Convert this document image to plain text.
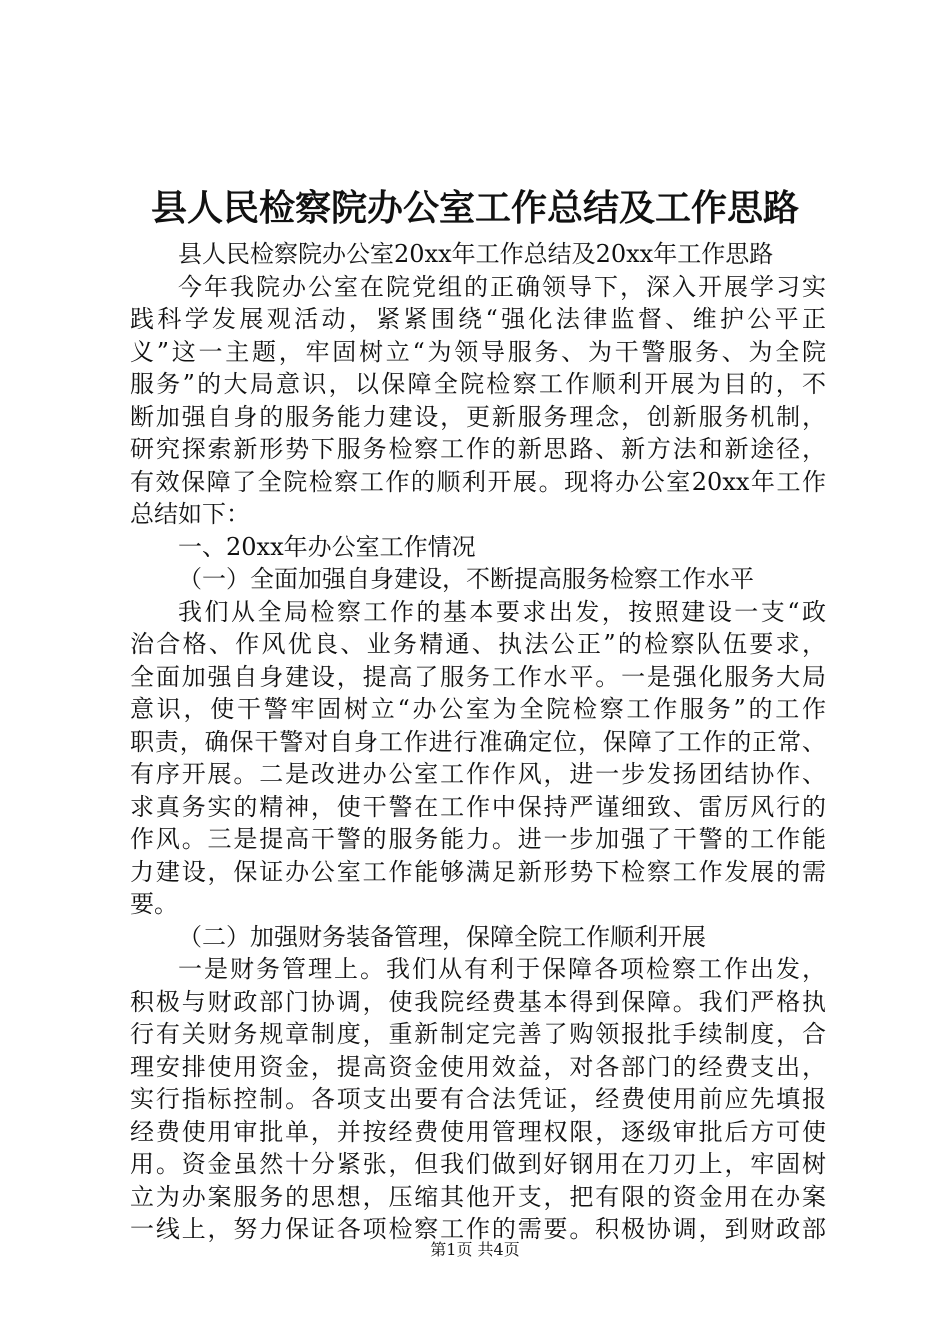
县人民检察院办公室工作总结及工作思路
县人民检察院办公室20xx年工作总结及20xx年工作思路
今年我院办公室在院党组的正确领导下，深入开展学习实
践科学发展观活动，紧紧围绕“强化法律监督、维护公平正
义”这一主题，牢固树立“为领导服务、为干警服务、为全院
服务”的大局意识，以保障全院检察工作顺利开展为目的，不
断加强自身的服务能力建设，更新服务理念，创新服务机制，
研究探索新形势下服务检察工作的新思路、新方法和新途径，
有效保障了全院检察工作的顺利开展。现将办公室20xx年工作
总结如下：
一、20xx年办公室工作情况
（一）全面加强自身建设，不断提高服务检察工作水平
我们从全局检察工作的基本要求出发，按照建设一支“政
治合格、作风优良、业务精通、执法公正”的检察队伍要求，
全面加强自身建设，提高了服务工作水平。一是强化服务大局
意识，使干警牢固树立“办公室为全院检察工作服务”的工作
职责，确保干警对自身工作进行准确定位，保障了工作的正常、
有序开展。二是改进办公室工作作风，进一步发扬团结协作、
求真务实的精神，使干警在工作中保持严谨细致、雷厉风行的
作风。三是提高干警的服务能力。进一步加强了干警的工作能
力建设，保证办公室工作能够满足新形势下检察工作发展的需
要。
（二）加强财务装备管理，保障全院工作顺利开展
一是财务管理上。我们从有利于保障各项检察工作出发，
积极与财政部门协调，使我院经费基本得到保障。我们严格执
行有关财务规章制度，重新制定完善了购领报批手续制度，合
理安排使用资金，提高资金使用效益，对各部门的经费支出，
实行指标控制。各项支出要有合法凭证，经费使用前应先填报
经费使用审批单，并按经费使用管理权限，逐级审批后方可使
用。资金虽然十分紧张，但我们做到好钢用在刀刃上，牢固树
立为办案服务的思想，压缩其他开支，把有限的资金用在办案
一线上，努力保证各项检察工作的需要。积极协调，到财政部
第1页 共4页
